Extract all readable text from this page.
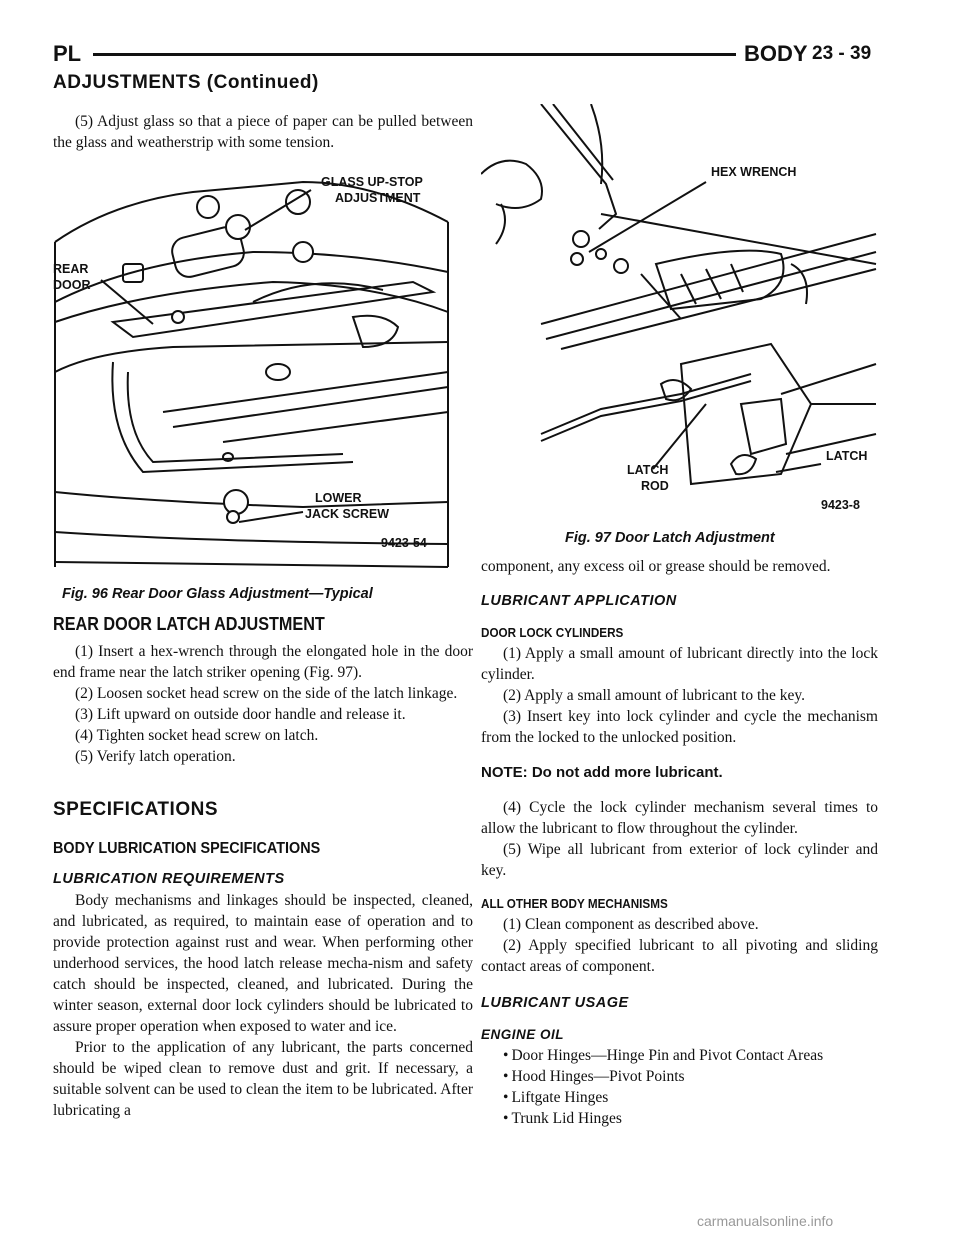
PL	BODY 23 - 39
ADJUSTMENTS (Continued)

(5) Adjust glass so that a piece of paper can be pulled between the glass and weatherstrip with some tension.

GLASS UP-STOP
ADJUSTMENT
REAR
DOOR
LOWER
JACK SCREW
9423-54
Fig. 96 Rear Door Glass Adjustment—Typical

REAR DOOR LATCH ADJUSTMENT

(1) Insert a hex-wrench through the elongated hole in the door end frame near the latch striker opening (Fig. 97).

(2) Loosen socket head screw on the side of the latch linkage.

(3) Lift upward on outside door handle and release it.

(4) Tighten socket head screw on latch.

(5) Verify latch operation.

SPECIFICATIONS

BODY LUBRICATION SPECIFICATIONS

LUBRICATION REQUIREMENTS

Body mechanisms and linkages should be inspected, cleaned, and lubricated, as required, to maintain ease of operation and to provide protection against rust and wear. When performing other underhood services, the hood latch release mecha-nism and safety catch should be inspected, cleaned, and lubricated. During the winter season, external door lock cylinders should be lubricated to assure proper operation when exposed to water and ice.

Prior to the application of any lubricant, the parts concerned should be wiped clean to remove dust and grit. If necessary, a suitable solvent can be used to clean the item to be lubricated. After lubricating a

HEX WRENCH
LATCH
ROD
LATCH
9423-8
Fig. 97 Door Latch Adjustment

component, any excess oil or grease should be removed.

LUBRICANT APPLICATION

DOOR LOCK CYLINDERS

(1) Apply a small amount of lubricant directly into the lock cylinder.

(2) Apply a small amount of lubricant to the key.

(3) Insert key into lock cylinder and cycle the mechanism from the locked to the unlocked position.

NOTE: Do not add more lubricant.

(4) Cycle the lock cylinder mechanism several times to allow the lubricant to flow throughout the cylinder.

(5) Wipe all lubricant from exterior of lock cylinder and key.

ALL OTHER BODY MECHANISMS

(1) Clean component as described above.

(2) Apply specified lubricant to all pivoting and sliding contact areas of component.

LUBRICANT USAGE

ENGINE OIL

• Door Hinges—Hinge Pin and Pivot Contact Areas

• Hood Hinges—Pivot Points

• Liftgate Hinges

• Trunk Lid Hinges

carmanualsonline.info
